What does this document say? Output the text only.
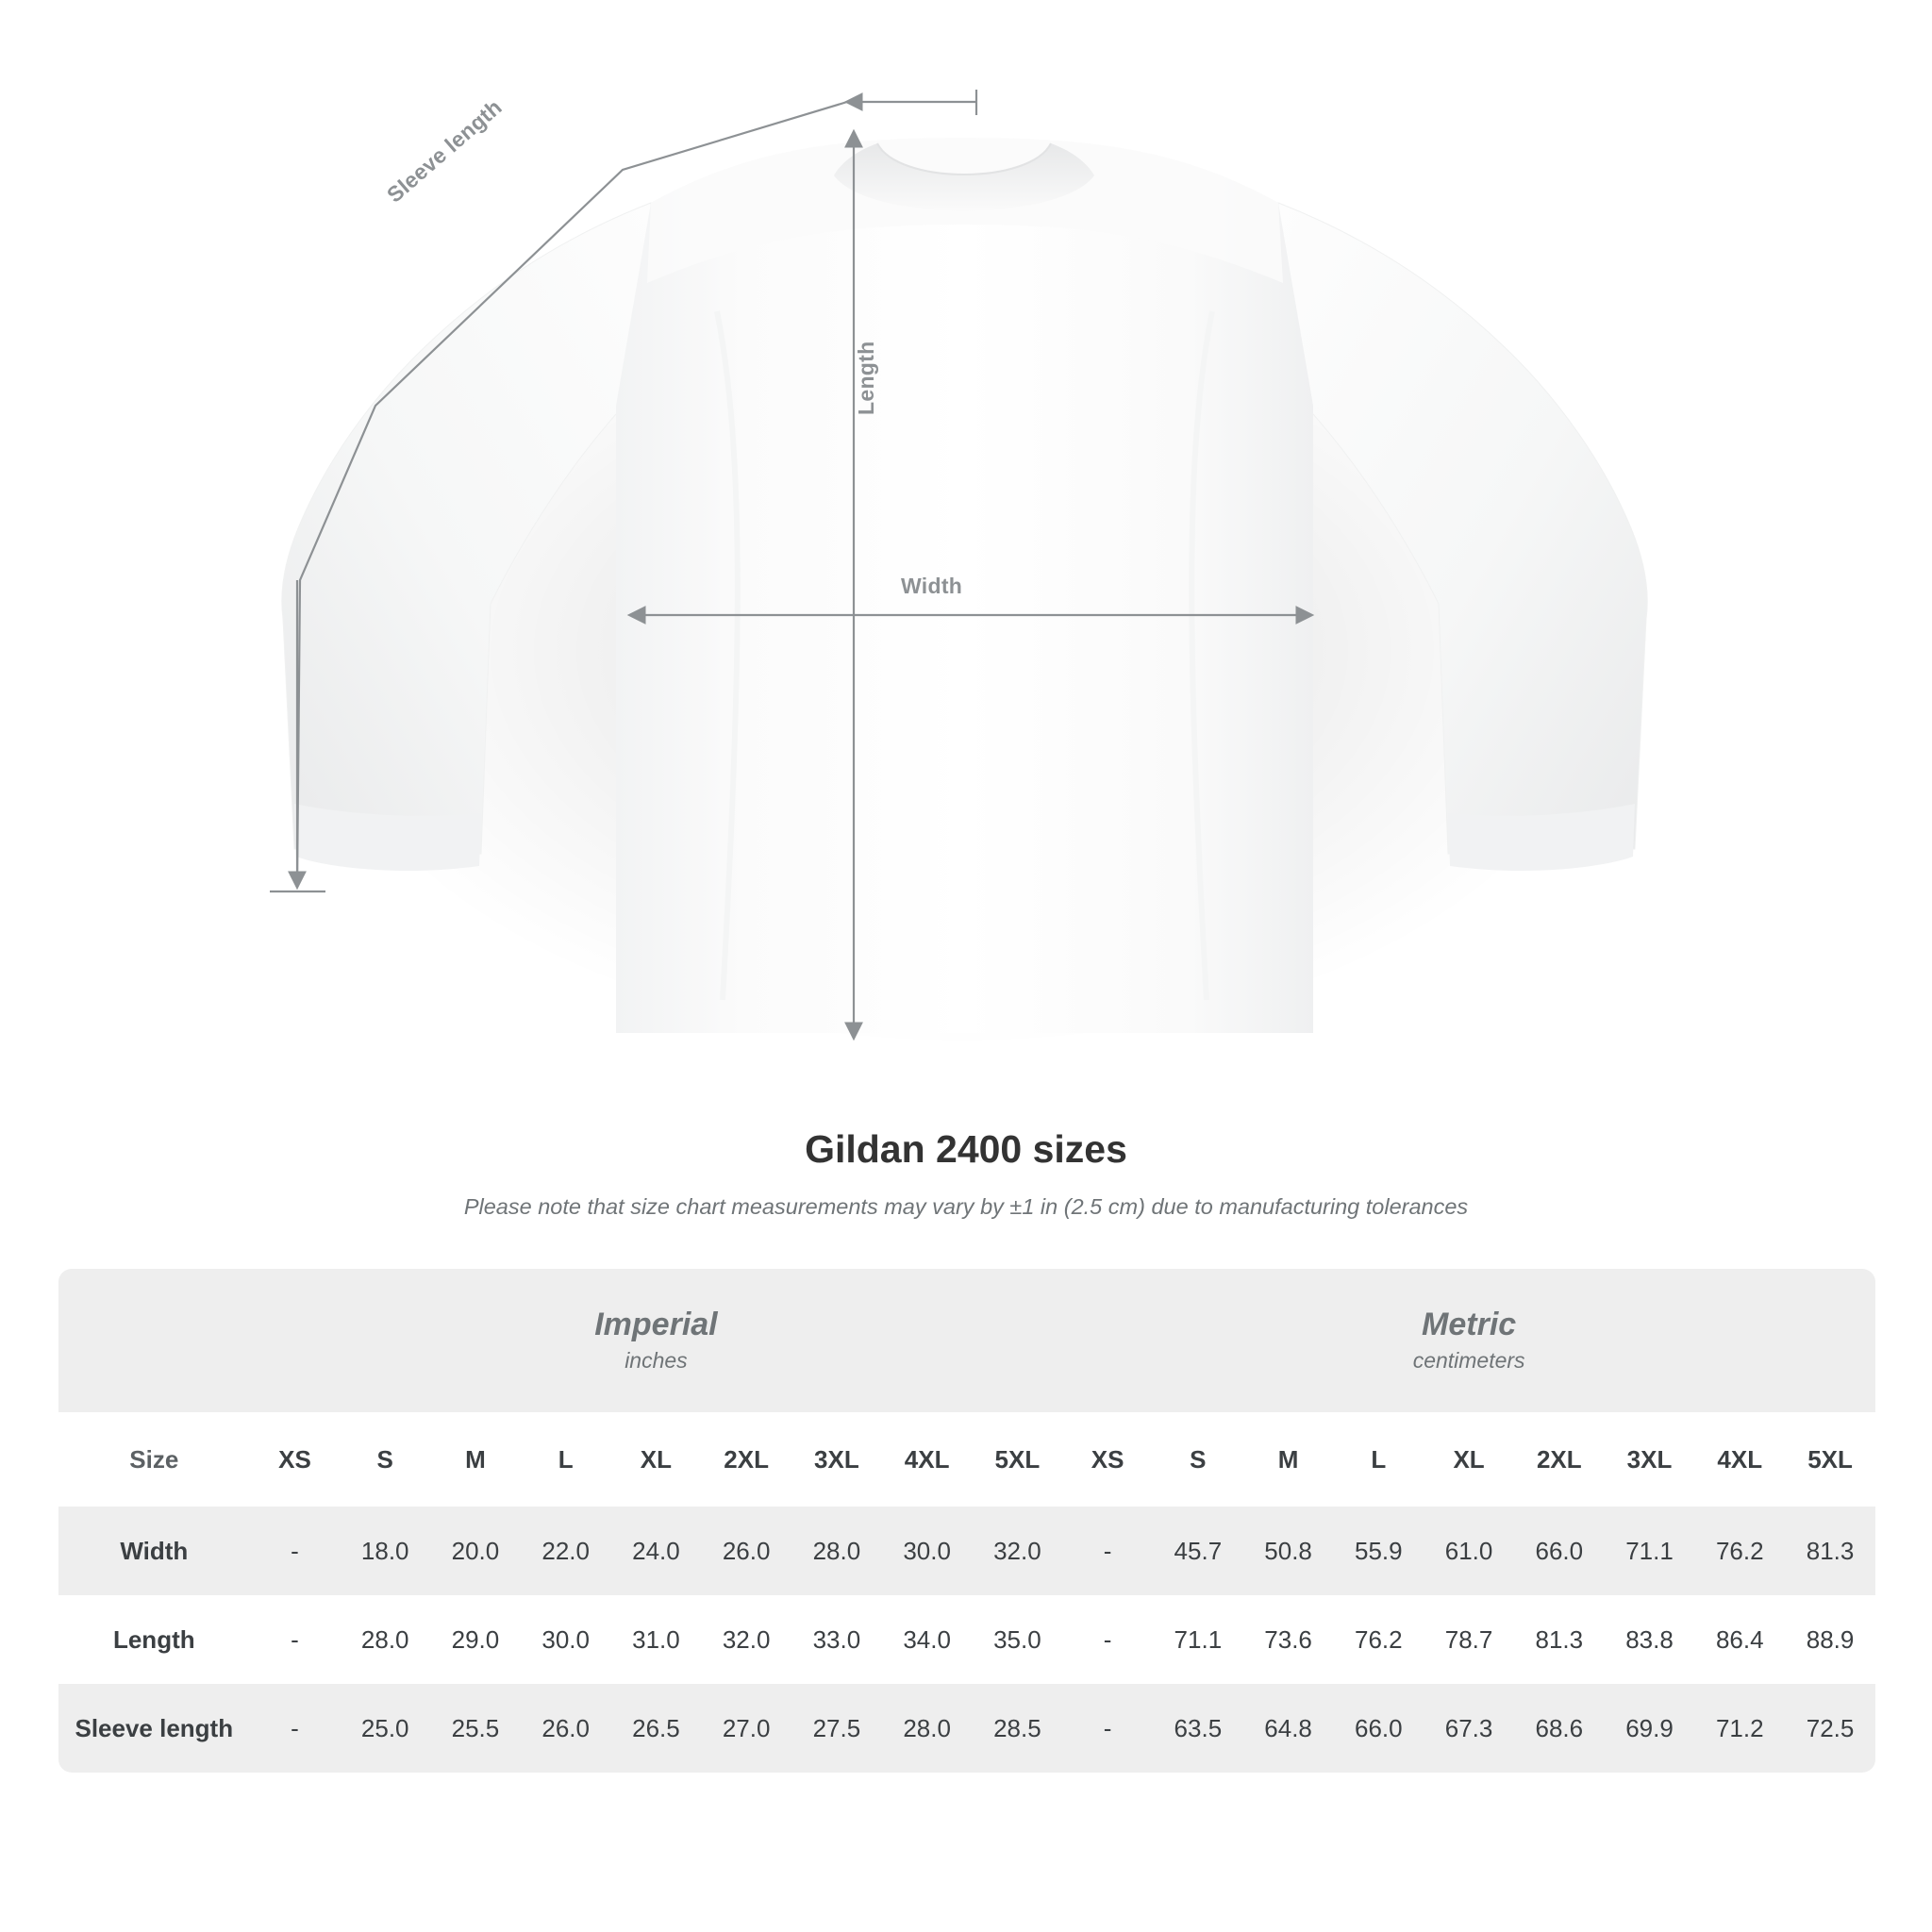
Length
Width
Sleeve length
Gildan 2400 sizes

Please note that size chart measurements may vary by ±1 in (2.5 cm) due to manufacturing tolerances

Imperial
inches

Metric
centimeters

Size	XS	S	M	L	XL	2XL	3XL	4XL	5XL	XS	S	M	L	XL	2XL	3XL	4XL	5XL
Width	-	18.0	20.0	22.0	24.0	26.0	28.0	30.0	32.0	-	45.7	50.8	55.9	61.0	66.0	71.1	76.2	81.3
Length	-	28.0	29.0	30.0	31.0	32.0	33.0	34.0	35.0	-	71.1	73.6	76.2	78.7	81.3	83.8	86.4	88.9
Sleeve length	-	25.0	25.5	26.0	26.5	27.0	27.5	28.0	28.5	-	63.5	64.8	66.0	67.3	68.6	69.9	71.2	72.5
